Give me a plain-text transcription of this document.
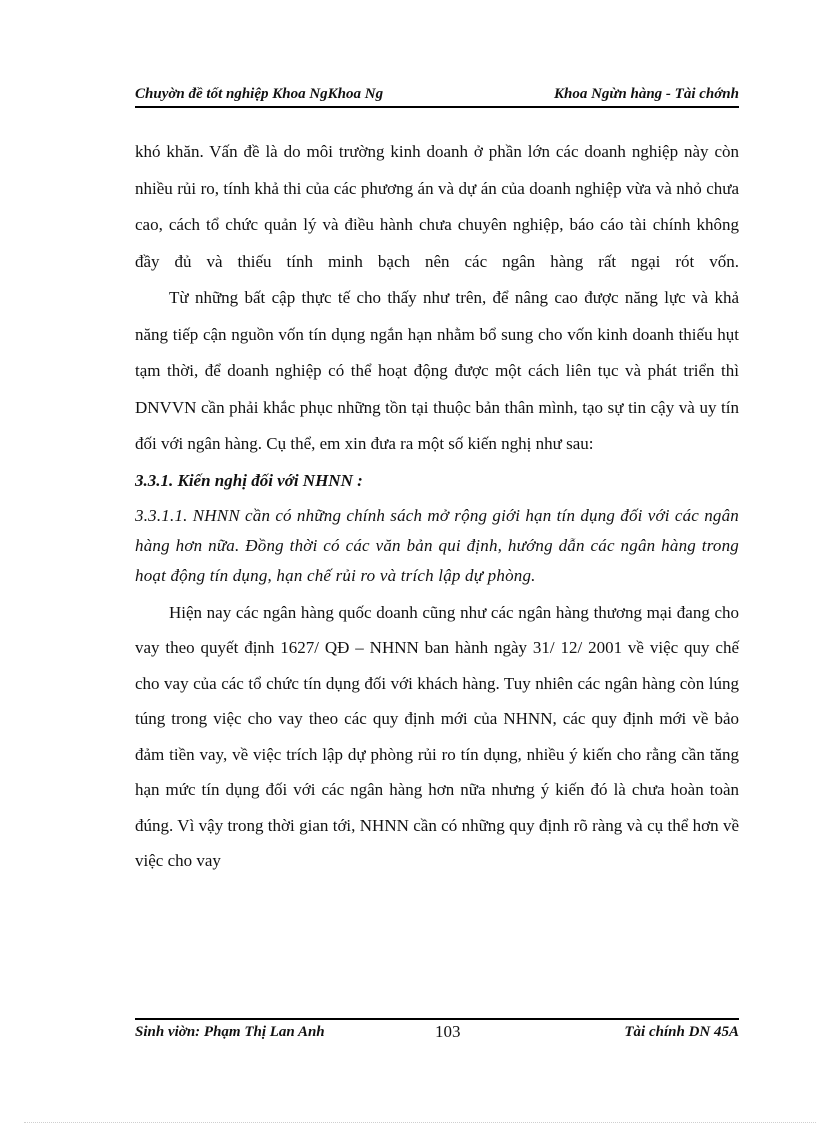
Chuyờn đề tốt nghiệp Khoa NgKhoa Ng	Khoa Ngừn hàng - Tài chớnh

khó khăn. Vấn đề là do môi trường kinh doanh ở phần lớn các doanh nghiệp này còn nhiều rủi ro, tính khả thi của các phương án và dự án của doanh nghiệp vừa và nhỏ chưa cao, cách tổ chức quản lý và điều hành chưa chuyên nghiệp, báo cáo tài chính không đầy đủ và thiếu tính minh bạch nên các ngân hàng rất ngại rót vốn.

Từ những bất cập thực tế cho thấy như trên, để nâng cao được năng lực và khả năng tiếp cận nguồn vốn tín dụng ngắn hạn nhằm bổ sung cho vốn kinh doanh thiếu hụt tạm thời, để doanh nghiệp có thể hoạt động được một cách liên tục và phát triển thì DNVVN cần phải khắc phục những tồn tại thuộc bản thân mình, tạo sự tin cậy và uy tín đối với ngân hàng. Cụ thể, em xin đưa ra một số kiến nghị như sau:

3.3.1. Kiến nghị đối với NHNN :

3.3.1.1. NHNN cần có những chính sách mở rộng giới hạn tín dụng đối với các ngân hàng hơn nữa. Đồng thời có các văn bản qui định, hướng dẫn các ngân hàng trong hoạt động tín dụng, hạn chế rủi ro và trích lập dự phòng.

Hiện nay các ngân hàng quốc doanh cũng như các ngân hàng thương mại đang cho vay theo quyết định 1627/ QĐ – NHNN ban hành ngày 31/ 12/ 2001 về việc quy chế cho vay của các tổ chức tín dụng đối với khách hàng. Tuy nhiên các ngân hàng còn lúng túng trong việc cho vay theo các quy định mới của NHNN, các quy định mới về bảo đảm tiền vay, về việc trích lập dự phòng rủi ro tín dụng, nhiều ý kiến cho rằng cần tăng hạn mức tín dụng đối với các ngân hàng hơn nữa nhưng ý kiến đó là chưa hoàn toàn đúng. Vì vậy trong thời gian tới, NHNN cần có những quy định rõ ràng và cụ thể hơn về việc cho vay

Sinh viờn: Phạm Thị Lan Anh	103	Tài chính DN 45A
